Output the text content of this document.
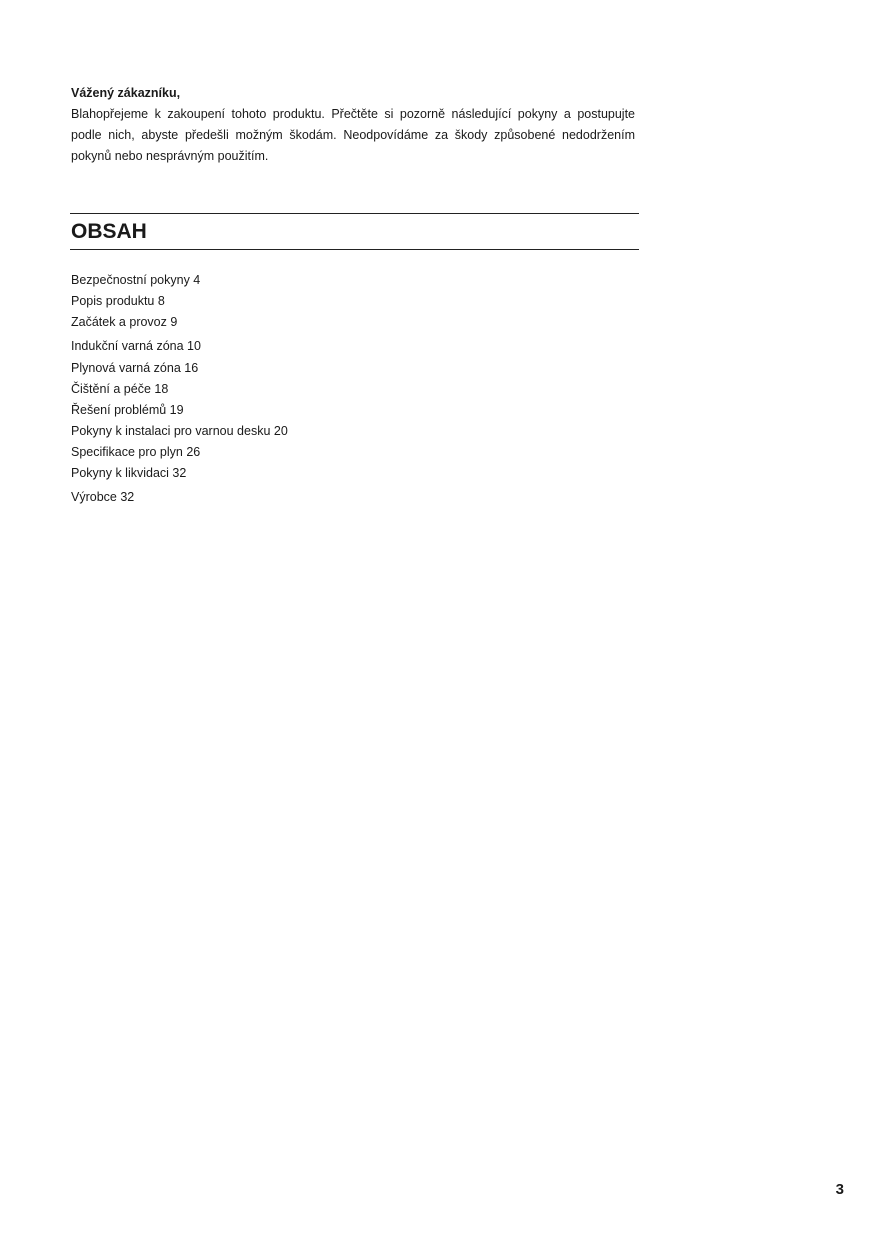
Vážený zákazníku,

Blahopřejeme k zakoupení tohoto produktu. Přečtěte si pozorně následující pokyny a postupujte podle nich, abyste předešli možným škodám. Neodpovídáme za škody způsobené nedodržením pokynů nebo nesprávným použitím.

OBSAH
Bezpečnostní pokyny 4
Popis produktu 8
Začátek a provoz 9
Indukční varná zóna 10
Plynová varná zóna 16
Čištění a péče 18
Řešení problémů 19
Pokyny k instalaci pro varnou desku 20
Specifikace pro plyn 26
Pokyny k likvidaci 32
Výrobce 32
3
